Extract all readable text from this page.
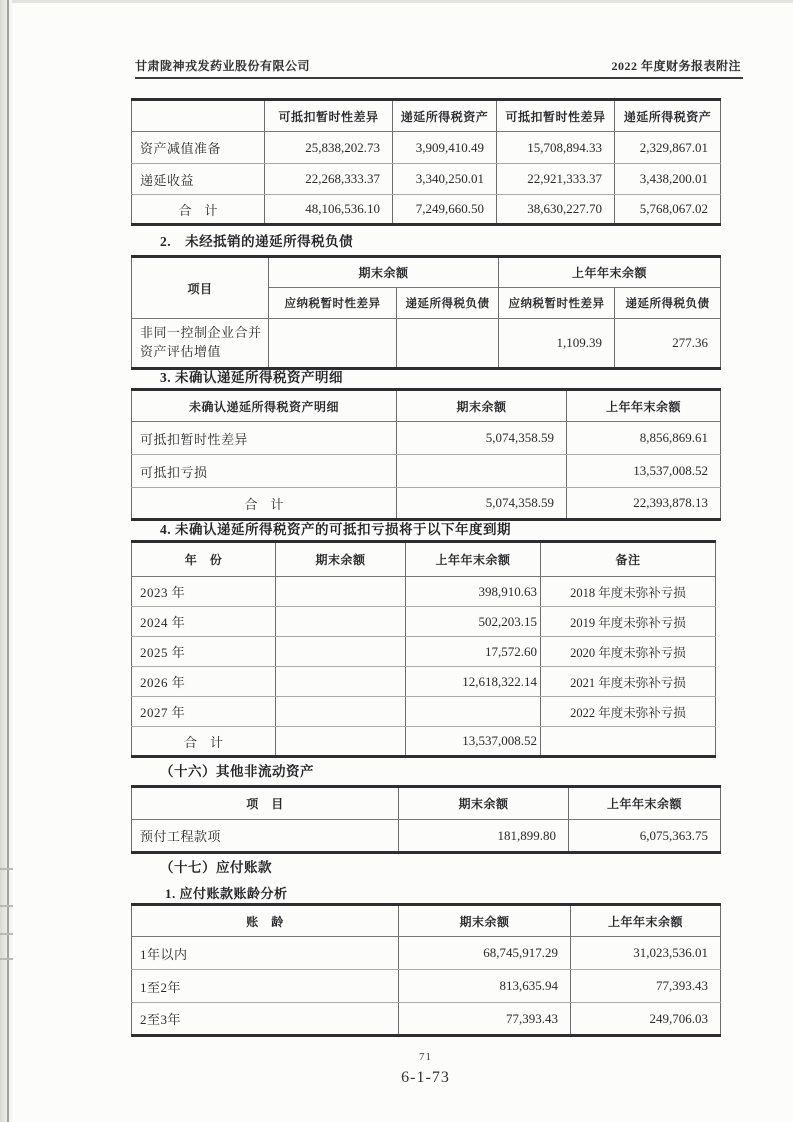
甘肃陇神戎发药业股份有限公司	2022 年度财务报表附注
	可抵扣暂时性差异	递延所得税资产	可抵扣暂时性差异	递延所得税资产
资产减值准备	25,838,202.73	3,909,410.49	15,708,894.33	2,329,867.01
递延收益	22,268,333.37	3,340,250.01	22,921,333.37	3,438,200.01
合　计	48,106,536.10	7,249,660.50	38,630,227.70	5,768,067.02
2.　未经抵销的递延所得税负债
项目	期末余额		上年年末余额	
	应纳税暂时性差异	递延所得税负债	应纳税暂时性差异	递延所得税负债
非同一控制企业合并资产评估增值			1,109.39	277.36
3. 未确认递延所得税资产明细
未确认递延所得税资产明细	期末余额	上年年末余额
可抵扣暂时性差异	5,074,358.59	8,856,869.61
可抵扣亏损		13,537,008.52
合　计	5,074,358.59	22,393,878.13
4. 未确认递延所得税资产的可抵扣亏损将于以下年度到期
年　份	期末余额	上年年末余额	备注
2023 年		398,910.63	2018 年度未弥补亏损
2024 年		502,203.15	2019 年度未弥补亏损
2025 年		17,572.60	2020 年度未弥补亏损
2026 年		12,618,322.14	2021 年度未弥补亏损
2027 年			2022 年度未弥补亏损
合　计		13,537,008.52	
（十六）其他非流动资产
项　目	期末余额	上年年末余额
预付工程款项	181,899.80	6,075,363.75
（十七）应付账款
1. 应付账款账龄分析
账　龄	期末余额	上年年末余额
1年以内	68,745,917.29	31,023,536.01
1至2年	813,635.94	77,393.43
2至3年	77,393.43	249,706.03
71
6-1-73
